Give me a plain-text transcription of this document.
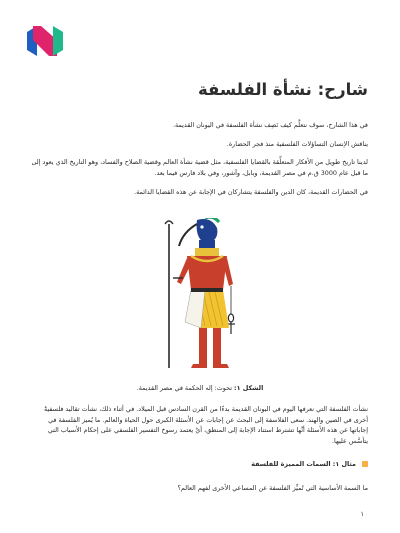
شارح: نشأة الفلسفة

في هذا الشارح، سوف نتعلَّم كيف نَصِف نشأة الفلسفة في اليونان القديمة.

يناقش الإنسان التساؤلات الفلسفية منذ فجر الحضارة.

لدينا تاريخ طويل من الأفكار المتعلِّقة بالقضايا الفلسفية، مثل قضية نشأة العالم وقضية الصلاح والفساد، وهو التاريخ الذي يعود إلى ما قبل عام 3000 ق.م في مصر القديمة، وبابل، وآشور، وفي بلاد فارس فيما بعد.

في الحضارات القديمة، كان الدين والفلسفة يتشاركان في الإجابة عن هذه القضايا الدائمة.

الشكل ١: تحوت: إله الحكمة في مصر القديمة.

نشأت الفلسفة التي نعرفها اليوم في اليونان القديمة بدءًا من القرن السادس قبل الميلاد. في أثناء ذلك، نشأت تقاليد فلسفيةٌ أخرى في الصين والهند. سعى الفلاسفة إلى البحث عن إجابات عن الأسئلة الكبرى حول الحياة والعالم. ما يُميز الفلسفة في إجاباتها عن هذه الأسئلة أنَّها تشترط استناد الإجابة إلى المنطق، أيْ يعتمد رسوخ التفسير الفلسفي على إحكام الأسباب التي يتأسَّس عليها.

مثال ١: السمات المميزة للفلسفة

ما السمة الأساسية التي تُميِّز الفلسفة عن المساعي الأخرى لفهم العالم؟

١
